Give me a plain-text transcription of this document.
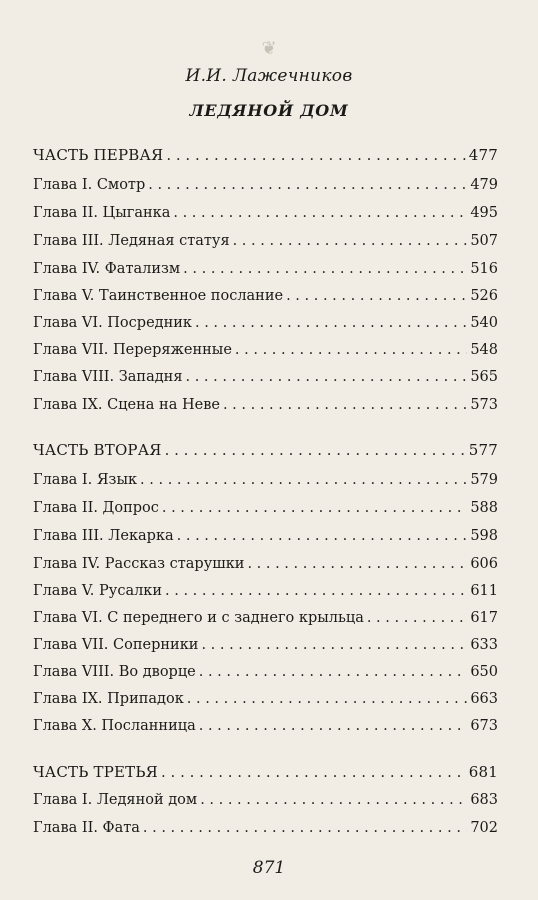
❦
И.И. Лажечников
ЛЕДЯНОЙ ДОМ
ЧАСТЬ ПЕРВАЯ . . .	477
Глава I. Смотр . . .	479
Глава II. Цыганка . . .	495
Глава III. Ледяная статуя . . .	507
Глава IV. Фатализм . . .	516
Глава V. Таинственное послание . . .	526
Глава VI. Посредник . . .	540
Глава VII. Переряженные . . .	548
Глава VIII. Западня . . .	565
Глава IX. Сцена на Неве . . .	573
ЧАСТЬ ВТОРАЯ . . .	577
Глава I. Язык . . .	579
Глава II. Допрос . . .	588
Глава III. Лекарка . . .	598
Глава IV. Рассказ старушки . . .	606
Глава V. Русалки . . .	611
Глава VI. С переднего и с заднего крыльца . . .	617
Глава VII. Соперники . . .	633
Глава VIII. Во дворце . . .	650
Глава IX. Припадок . . .	663
Глава X. Посланница . . .	673
ЧАСТЬ ТРЕТЬЯ . . .	681
Глава I. Ледяной дом . . .	683
Глава II. Фата . . .	702
871
